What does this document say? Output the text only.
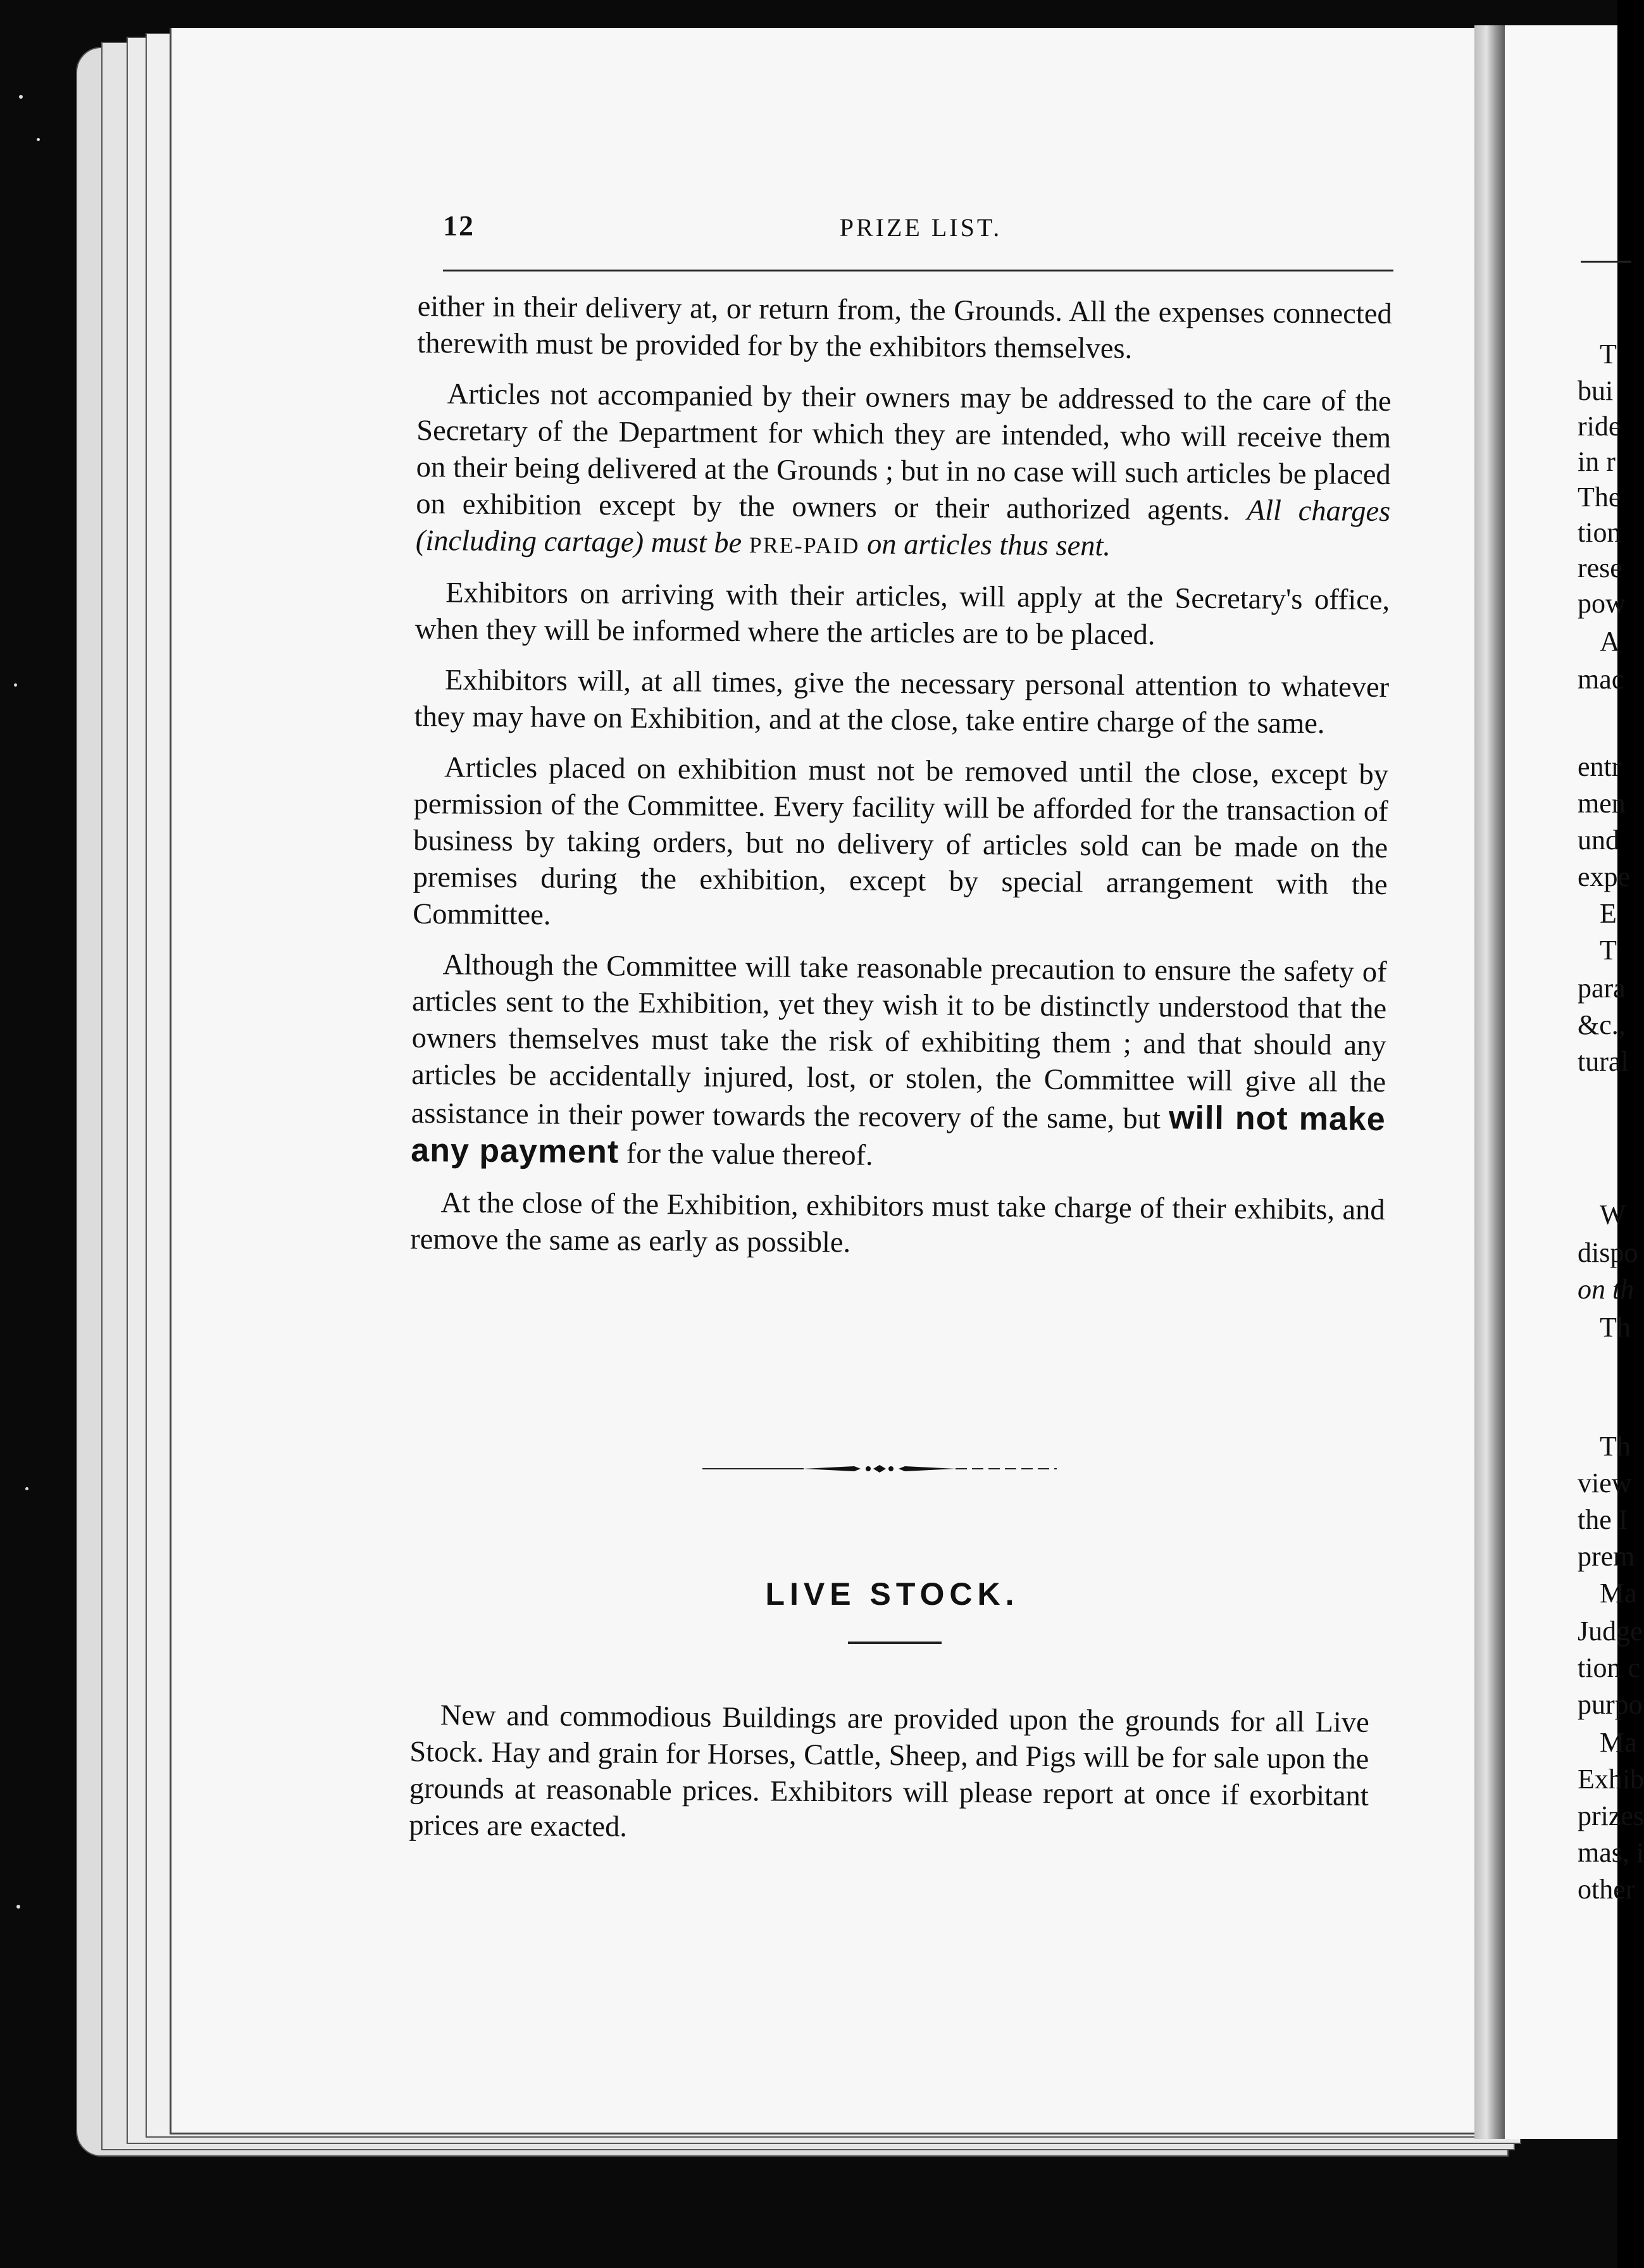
T
bui
ride
in r
The
tion
rese
pow
A
mac
entr
men
und
expe
E
T
para
&c.,
tural
W
dispo
on th
Th
Th
view
the I
prem
Ma
Judge
tion c
purpo
Ma
Exhib
prizes
mas, i
other
12	PRIZE LIST.

either in their delivery at, or return from, the Grounds. All the expenses connected therewith must be provided for by the exhibitors themselves.

Articles not accompanied by their owners may be addressed to the care of the Secretary of the Department for which they are intended, who will receive them on their being delivered at the Grounds ; but in no case will such articles be placed on exhibition except by the owners or their authorized agents. All charges (including cartage) must be PRE-PAID on articles thus sent.

Exhibitors on arriving with their articles, will apply at the Secretary's office, when they will be informed where the articles are to be placed.

Exhibitors will, at all times, give the necessary personal attention to whatever they may have on Exhibition, and at the close, take entire charge of the same.

Articles placed on exhibition must not be removed until the close, except by permission of the Committee. Every facility will be afforded for the transaction of business by taking orders, but no delivery of articles sold can be made on the premises during the exhibition, except by special arrangement with the Committee.

Although the Committee will take reasonable precaution to ensure the safety of articles sent to the Exhibition, yet they wish it to be distinctly understood that the owners themselves must take the risk of exhibiting them ; and that should any articles be accidentally injured, lost, or stolen, the Committee will give all the assistance in their power towards the recovery of the same, but will not make any payment for the value thereof.

At the close of the Exhibition, exhibitors must take charge of their exhibits, and remove the same as early as possible.

LIVE STOCK.

New and commodious Buildings are provided upon the grounds for all Live Stock. Hay and grain for Horses, Cattle, Sheep, and Pigs will be for sale upon the grounds at reasonable prices. Exhibitors will please report at once if exorbitant prices are exacted.
